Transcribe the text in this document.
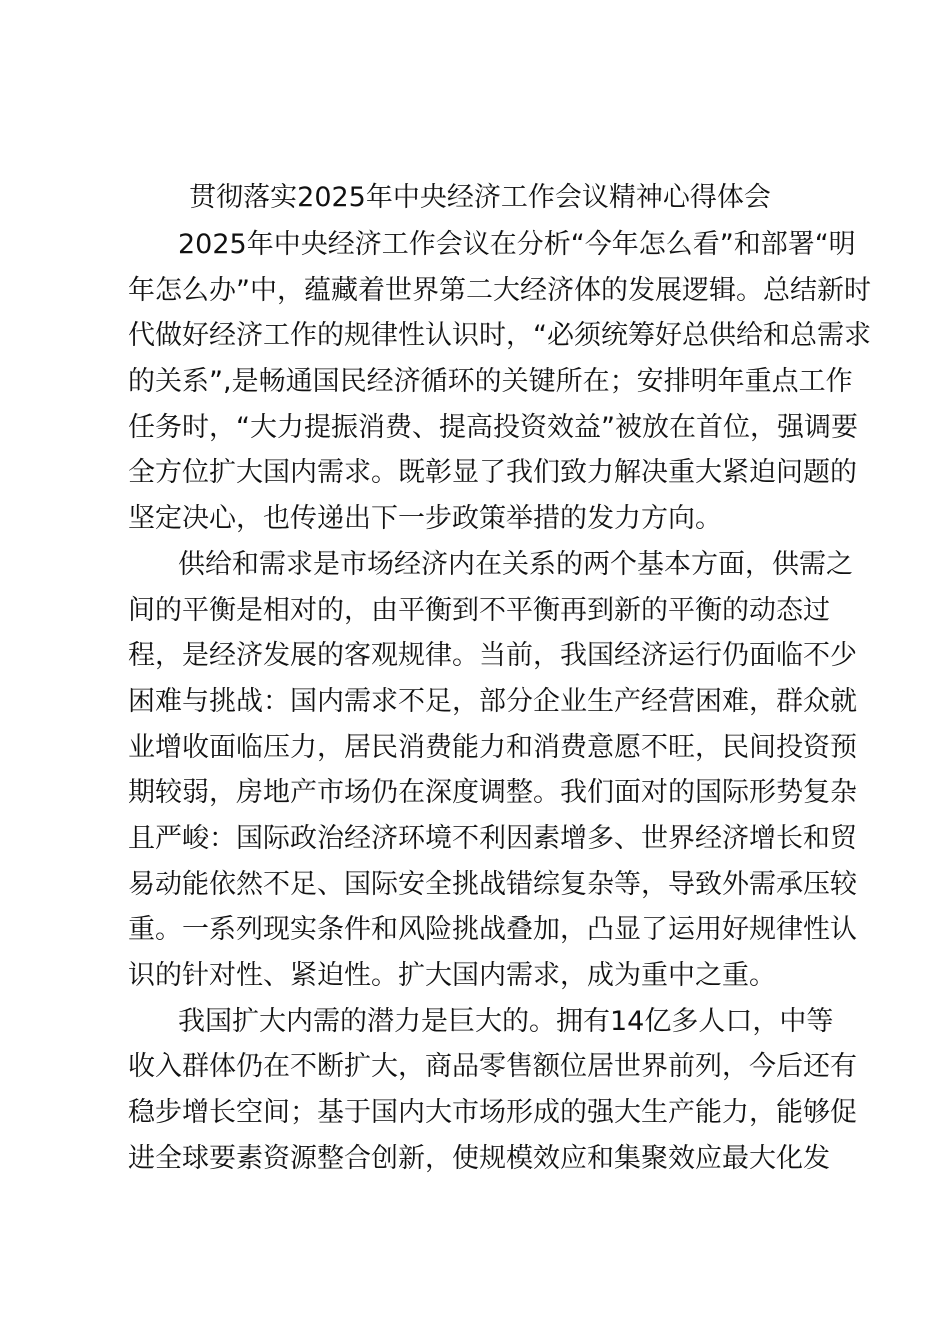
贯彻落实2025年中央经济工作会议精神心得体会
2025年中央经济工作会议在分析“今年怎么看”和部署“明
年怎么办”中，蕴藏着世界第二大经济体的发展逻辑。总结新时
代做好经济工作的规律性认识时，“必须统筹好总供给和总需求
的关系”,是畅通国民经济循环的关键所在；安排明年重点工作
任务时，“大力提振消费、提高投资效益”被放在首位，强调要
全方位扩大国内需求。既彰显了我们致力解决重大紧迫问题的
坚定决心，也传递出下一步政策举措的发力方向。
供给和需求是市场经济内在关系的两个基本方面，供需之
间的平衡是相对的，由平衡到不平衡再到新的平衡的动态过
程，是经济发展的客观规律。当前，我国经济运行仍面临不少
困难与挑战：国内需求不足，部分企业生产经营困难，群众就
业增收面临压力，居民消费能力和消费意愿不旺，民间投资预
期较弱，房地产市场仍在深度调整。我们面对的国际形势复杂
且严峻：国际政治经济环境不利因素增多、世界经济增长和贸
易动能依然不足、国际安全挑战错综复杂等，导致外需承压较
重。一系列现实条件和风险挑战叠加，凸显了运用好规律性认
识的针对性、紧迫性。扩大国内需求，成为重中之重。
我国扩大内需的潜力是巨大的。拥有14亿多人口，中等
收入群体仍在不断扩大，商品零售额位居世界前列，今后还有
稳步增长空间；基于国内大市场形成的强大生产能力，能够促
进全球要素资源整合创新，使规模效应和集聚效应最大化发
